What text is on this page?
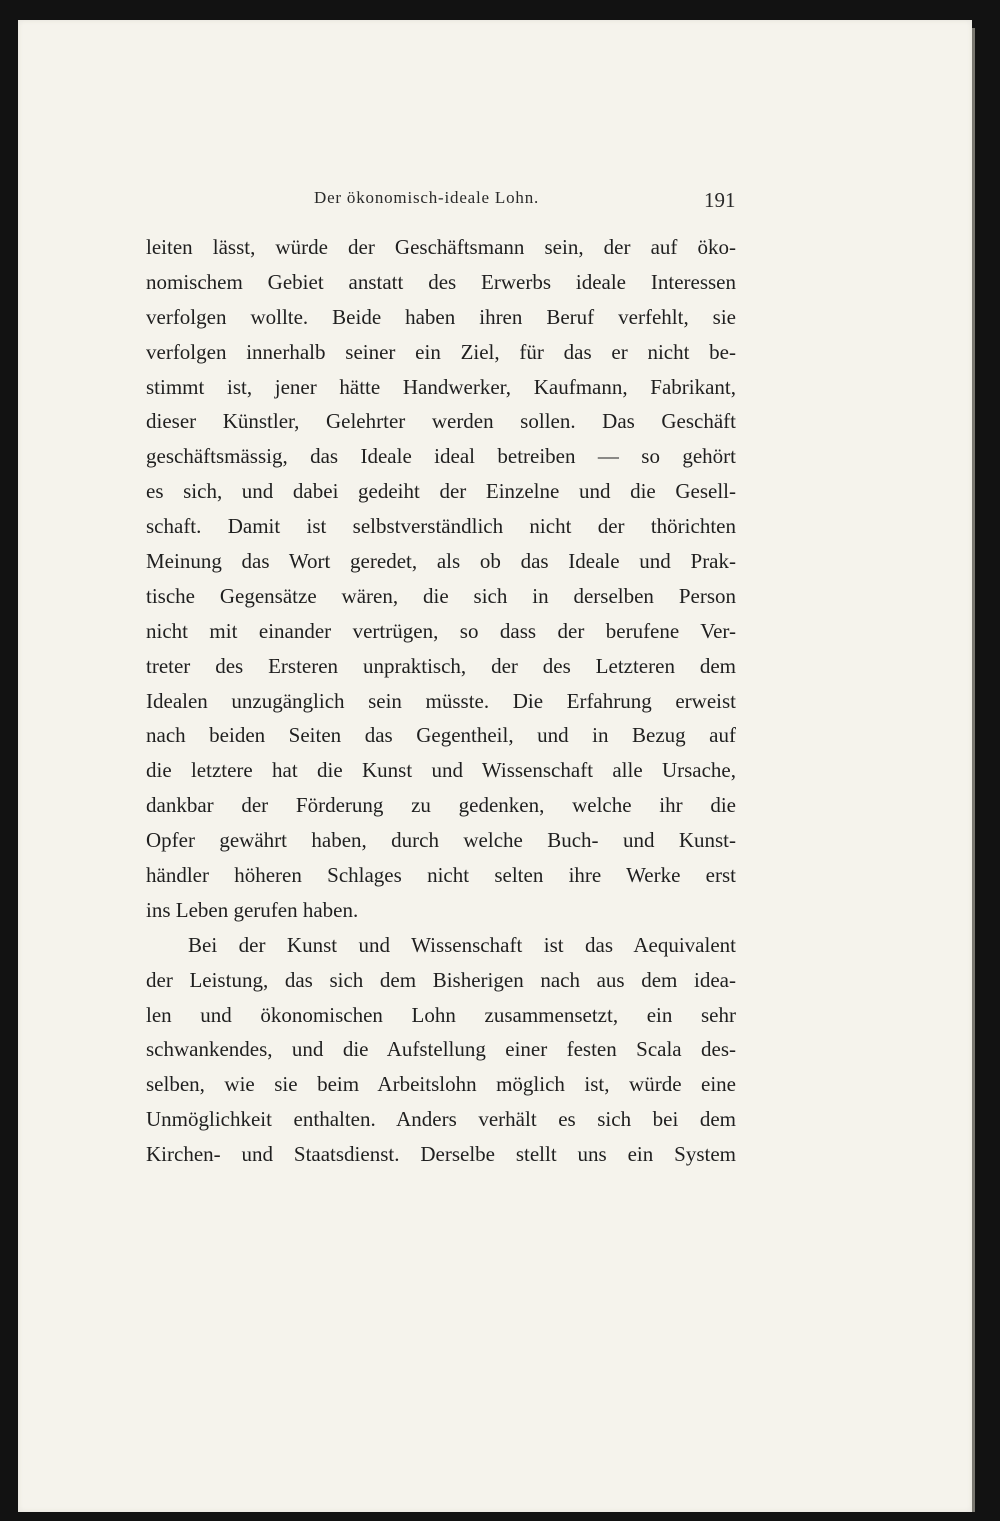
Der ökonomisch-ideale Lohn.	191
leiten lässt, würde der Geschäftsmann sein, der auf öko-
nomischem Gebiet anstatt des Erwerbs ideale Interessen
verfolgen wollte. Beide haben ihren Beruf verfehlt, sie
verfolgen innerhalb seiner ein Ziel, für das er nicht be-
stimmt ist, jener hätte Handwerker, Kaufmann, Fabrikant,
dieser Künstler, Gelehrter werden sollen. Das Geschäft
geschäftsmässig, das Ideale ideal betreiben — so gehört
es sich, und dabei gedeiht der Einzelne und die Gesell-
schaft. Damit ist selbstverständlich nicht der thörichten
Meinung das Wort geredet, als ob das Ideale und Prak-
tische Gegensätze wären, die sich in derselben Person
nicht mit einander vertrügen, so dass der berufene Ver-
treter des Ersteren unpraktisch, der des Letzteren dem
Idealen unzugänglich sein müsste. Die Erfahrung erweist
nach beiden Seiten das Gegentheil, und in Bezug auf
die letztere hat die Kunst und Wissenschaft alle Ursache,
dankbar der Förderung zu gedenken, welche ihr die
Opfer gewährt haben, durch welche Buch- und Kunst-
händler höheren Schlages nicht selten ihre Werke erst
ins Leben gerufen haben.
Bei der Kunst und Wissenschaft ist das Aequivalent
der Leistung, das sich dem Bisherigen nach aus dem idea-
len und ökonomischen Lohn zusammensetzt, ein sehr
schwankendes, und die Aufstellung einer festen Scala des-
selben, wie sie beim Arbeitslohn möglich ist, würde eine
Unmöglichkeit enthalten. Anders verhält es sich bei dem
Kirchen- und Staatsdienst. Derselbe stellt uns ein System
